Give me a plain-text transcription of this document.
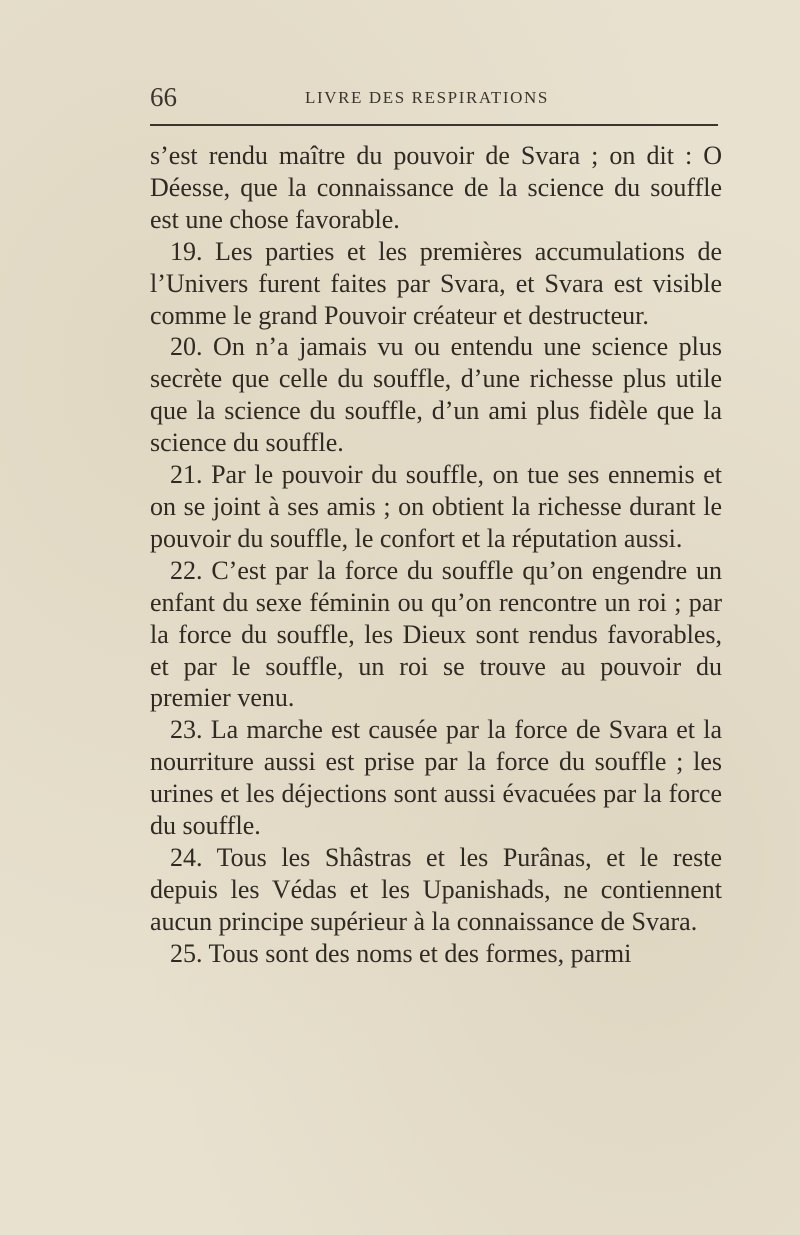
66	LIVRE DES RESPIRATIONS

s’est rendu maître du pouvoir de Svara ; on dit : O Déesse, que la connaissance de la science du souffle est une chose favorable.

19. Les parties et les premières accumulations de l’Univers furent faites par Svara, et Svara est visible comme le grand Pouvoir créateur et destructeur.

20. On n’a jamais vu ou entendu une science plus secrète que celle du souffle, d’une richesse plus utile que la science du souffle, d’un ami plus fidèle que la science du souffle.

21. Par le pouvoir du souffle, on tue ses ennemis et on se joint à ses amis ; on obtient la richesse durant le pouvoir du souffle, le confort et la réputation aussi.

22. C’est par la force du souffle qu’on engendre un enfant du sexe féminin ou qu’on rencontre un roi ; par la force du souffle, les Dieux sont rendus favorables, et par le souffle, un roi se trouve au pouvoir du premier venu.

23. La marche est causée par la force de Svara et la nourriture aussi est prise par la force du souffle ; les urines et les déjections sont aussi évacuées par la force du souffle.

24. Tous les Shâstras et les Purânas, et le reste depuis les Védas et les Upanishads, ne contiennent aucun principe supérieur à la connaissance de Svara.

25. Tous sont des noms et des formes, parmi
